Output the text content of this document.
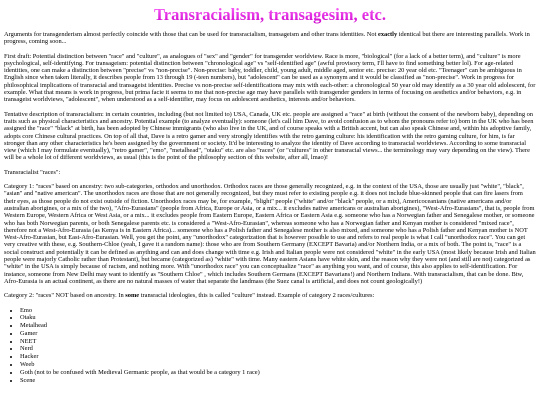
Transracialism, transagesim, etc.

Arguments for transgenderism almost perfectly coincide with those that can be used for transracialism, transageism and other trans identities. Not exactly identical but there are interesting parallels. Work in progress, coming soon...

First draft: Potential distinction between "race" and "culture", as analogues of "sex" and "gender" for transgender worldview. Race is more, "biological" (for a lack of a better term), and "culture" is more psychological, self-identifying. For transageism: potential distinction between "chronological age" vs "self-identified age" (awful provisory term, I'll have to find something better lol). For age-related identities, one can make a distinction between "precise" vs "non-precise". Non-precise: baby, toddler, child, young adult, middle aged, senior etc. precise: 20 year old etc. "Teenager" can be ambiguous in English since when taken literally, it describes people from 13 through 19 (-teen numbers), but "adolescent" can be used as a synonym and it would be classified as "non-precise". Work in progress for philosophical implications of transracial and transageist identities. Precise vs non-precise self-identifications may mix with each-other: a chronological 50 year old may identify as a 30 year old adolescent, for example. What that means is work in progress, but prima facie it seems to me that non-precise age may have parallels with transgender genders in terms of focusing on aesthetics and/or behaviors, e.g. in transageist worldviews, "adolescent", when understood as a self-identifier, may focus on adolescent aesthetics, interests and/or behaviors.

Tentative description of transracialism: in certain countries, including (but not limited to) USA, Canada, UK etc. people are assigned a "race" at birth (without the consent of the newborn baby), depending on traits such as physical characteristics and ancestry. Potential example (to analyze eventually): someone (let's call him Dave, to avoid confusion as to whom the pronouns refer to) born in the UK who has been assigned the "race" "black" at birth, has been adopted by Chinese immigrants (who also live in the UK, and of course speaks with a British accent, but can also speak Chinese and, within his adoptive family, adopts core Chinese cultural practices. On top of all that, Dave is a retro gamer and very strongly identifies with the retro gaming culture: his identification with the retro gaming culture, for him, is far stronger than any other characteristics he's been assigned by the government or society. It'd be interesting to analyze the identity of Dave according to transracial worldviews. According to some transracial view (which I may formulate eventually), "retro gamer", "emo", "metalhead", "otaku" etc. are also "races" (or "cultures" in other transracial views... the terminology may vary depending on the view). There will be a whole lot of different worldviews, as usual (this is the point of the philosophy section of this website, after all, lmao)!

Transracialist "races":

Category 1: "races" based on ancestry: two sub-categories, orthodox and unorthodox. Orthodox races are those generally recognized, e.g. in the context of the USA, those are usually just "white", "black", "asian" and "native american". The unorthodox races are those that are not generally recognized, but they must refer to existing people e.g. it does not include blue-skinned people that can fire lasers from their eyes, as those people do not exist outside of fiction. Unorthodox races may be, for example, "blight" people ("white" and/or "black" people, or a mix), Americoceanians (native americans and/or australian aborigines, or a mix of the two), "Afro-Eurasians" (people from Africa, Europe or Asia, or a mix... it excludes native americans or australian aborigines), "West-Afro-Eurasians", that is, people from Western Europe, Western Africa or West Asia, or a mix... it excludes people from Eastern Europe, Eastern Africa or Eastern Asia e.g. someone who has a Norwegian father and Senegalese mother, or someone who has both Norwegian parents, or both Senegalese parents etc. is considered a "West-Afro-Eurasian", whereas someone who has a Norwegian father and Kenyan mother is considered "mixed race", therefore not a West-Afro-Eurasia (as Kenya is in Eastern Africa)... someone who has a Polish father and Senegalese mother is also mixed, and someone who has a Polish father and Kenyan mother is NOT West-Afro-Eurasian, but East-Afro-Eurasian. Well, you get the point, any "unorthodox" categorization that is however possible to use and refers to real people is what I call "unorthodox race". You can get very creative with these, e.g. Southern-Chloe (yeah, I gave it a random name): those who are from Southern Germany (EXCEPT Bavaria) and/or Northern India, or a mix of both. The point is, "race" is a social construct and potentially it can be defined as anything and can and does change with time e.g. Irish and Italian people were not considered "white" in the early USA (most likely because Irish and Italian people were majorly Catholic rather than Protestant), but became (categorized as) "white" with time. Many eastern Asians have white skin, and the reason why they were not (and still are not) categorized as "white" in the USA is simply because of racism, and nothing more. With "unorthodox race" you can conceptualize "race" as anything you want, and of course, this also applies to self-identification. For instance, someone from New Delhi may want to identify as "Southern Chloe" , which includes Southern Germans (EXCEPT Bavarians!) and Northern Indians. With transracialism, that can be done. Btw, Afro-Eurasia is an actual continent, as there are no natural masses of water that separate the landmass (the Suez canal is artificial, and does not count geologically!)

Category 2: "races" NOT based on ancestry. In some transracial ideologies, this is called "culture" instead. Example of category 2 races/cultures:

• Emo
• Otaku
• Metalhead
• Gamer
• NEET
• Nerd
• Hacker
• Weeb
• Goth (not to be confused with Medieval Germanic people, as that would be a category 1 race)
• Scene
